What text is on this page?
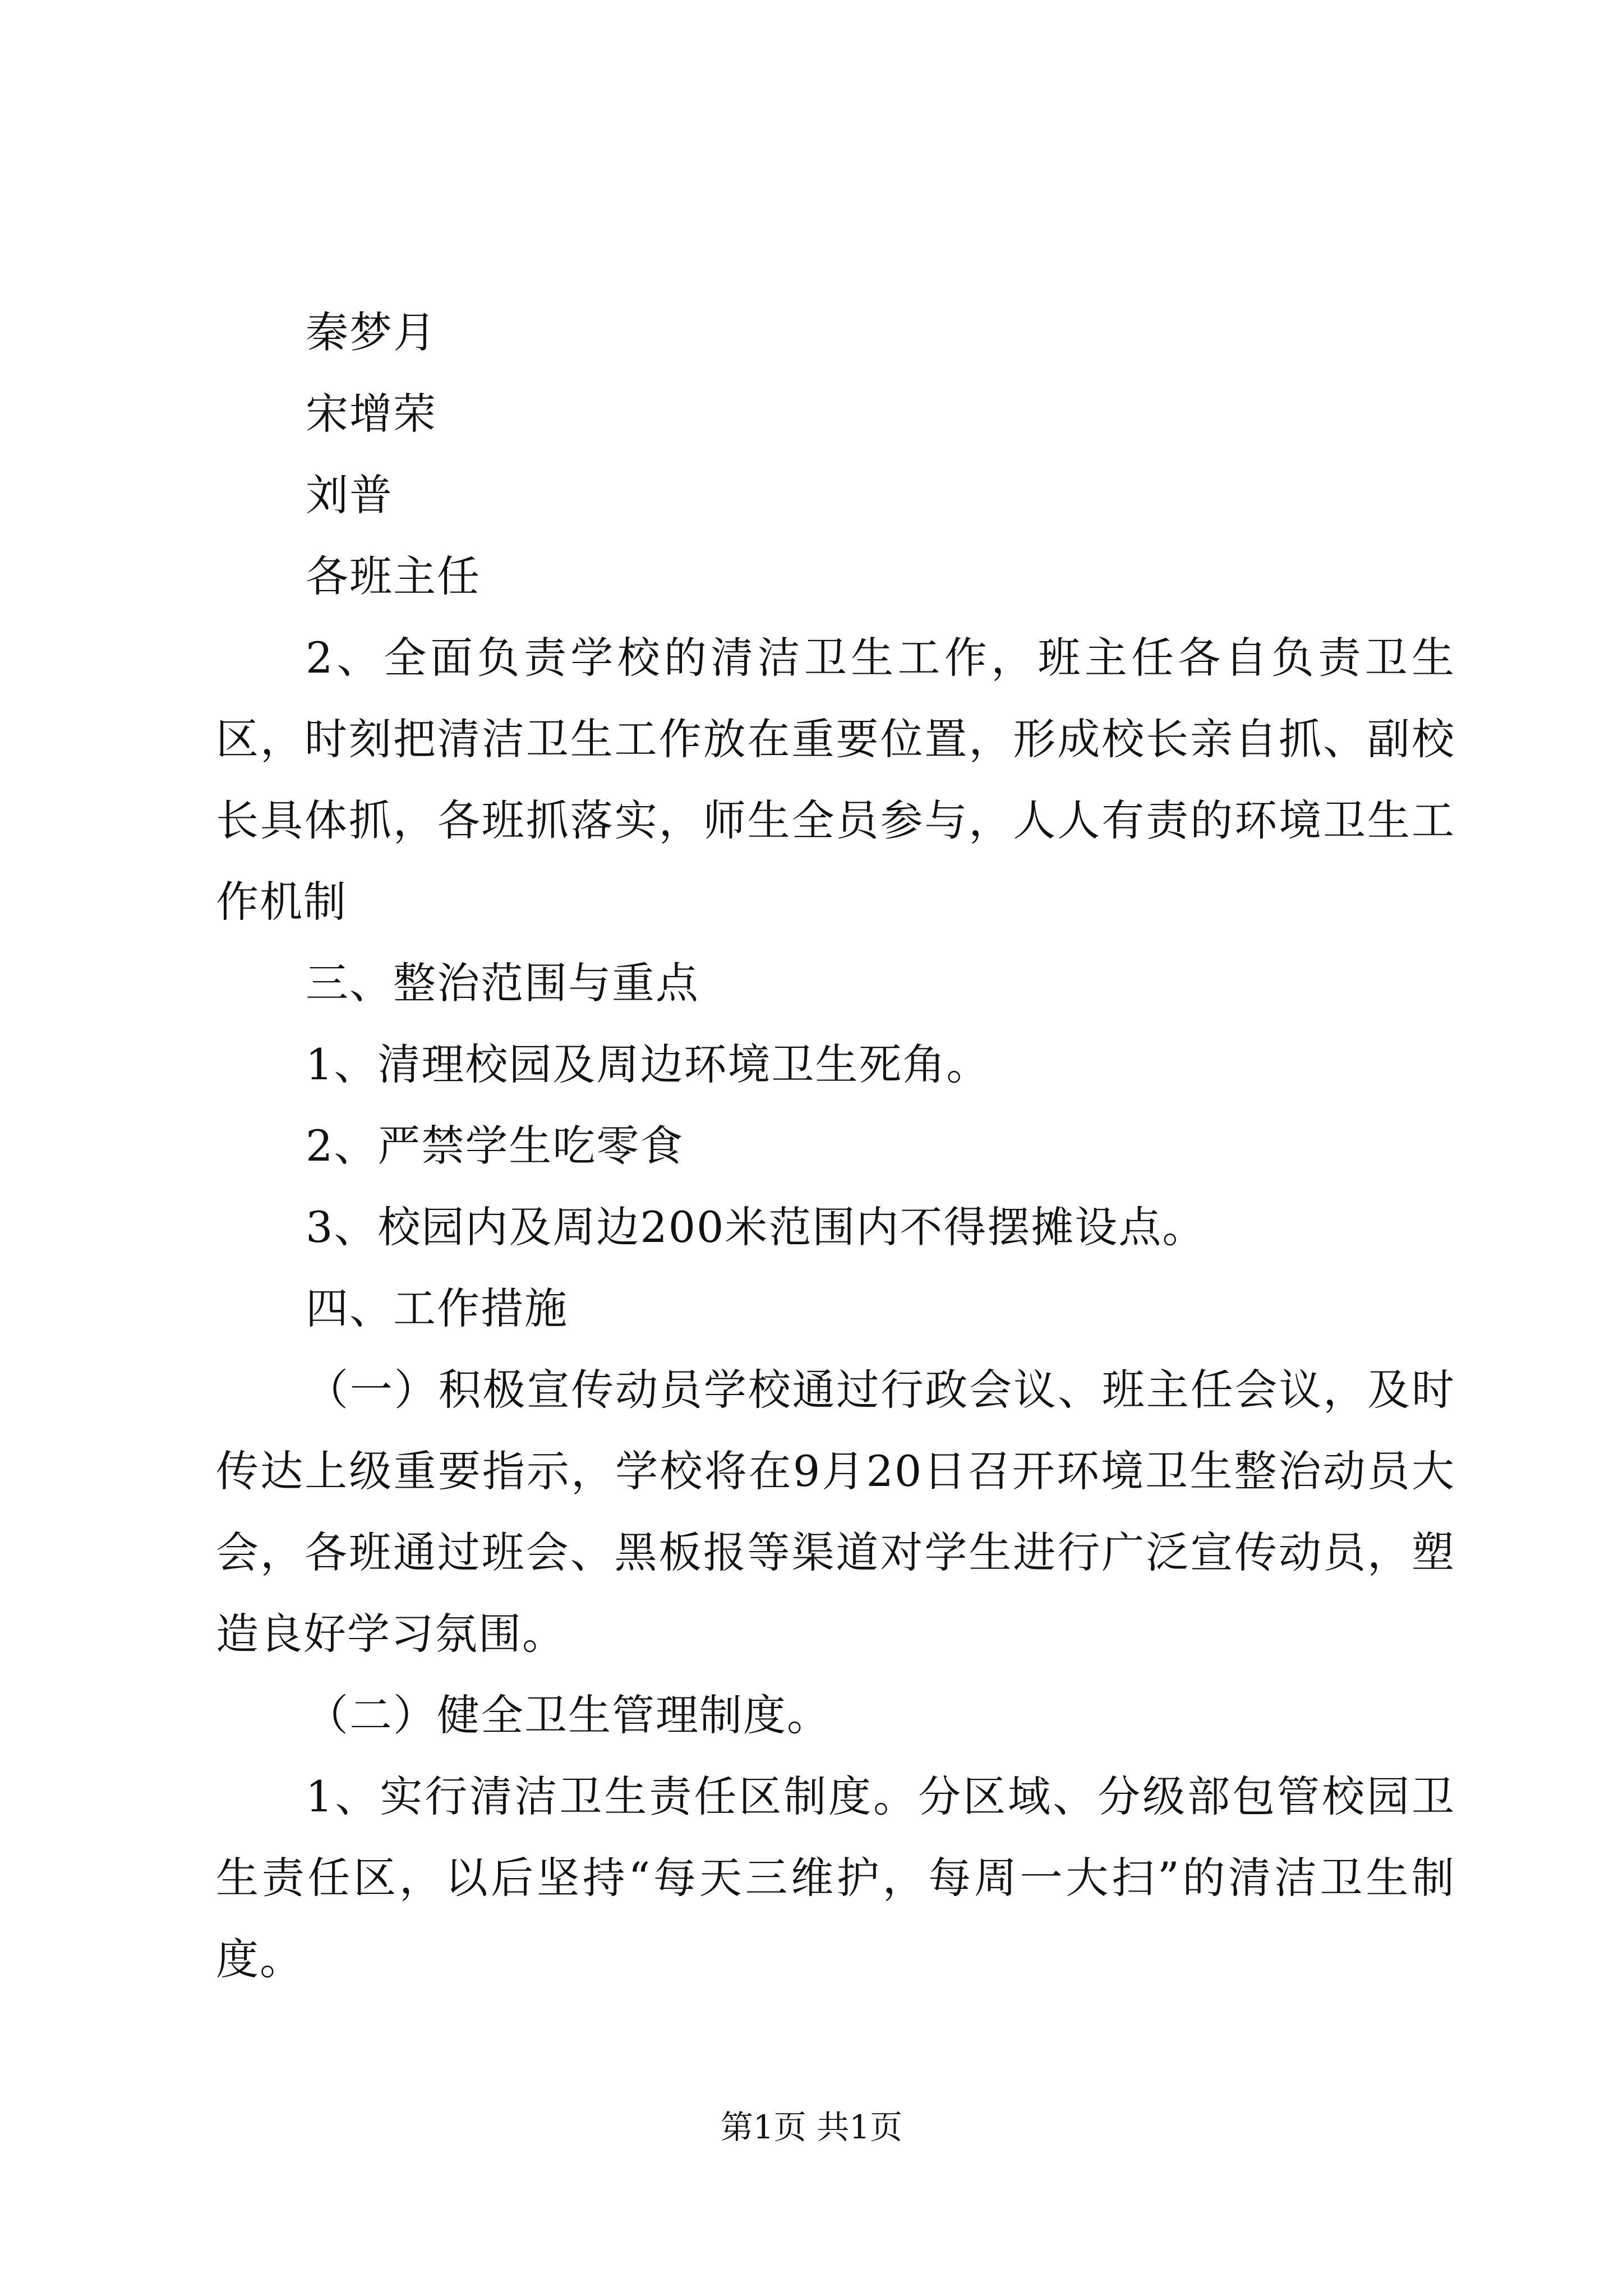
秦梦月

宋增荣

刘普

各班主任

2、全面负责学校的清洁卫生工作，班主任各自负责卫生区，时刻把清洁卫生工作放在重要位置，形成校长亲自抓、副校长具体抓，各班抓落实，师生全员参与，人人有责的环境卫生工作机制

三、整治范围与重点

1、清理校园及周边环境卫生死角。

2、严禁学生吃零食

3、校园内及周边200米范围内不得摆摊设点。

四、工作措施

（一）积极宣传动员学校通过行政会议、班主任会议，及时传达上级重要指示，学校将在9月20日召开环境卫生整治动员大会，各班通过班会、黑板报等渠道对学生进行广泛宣传动员，塑造良好学习氛围。

（二）健全卫生管理制度。

1、实行清洁卫生责任区制度。分区域、分级部包管校园卫生责任区，以后坚持“每天三维护，每周一大扫”的清洁卫生制度。

第1页 共1页
